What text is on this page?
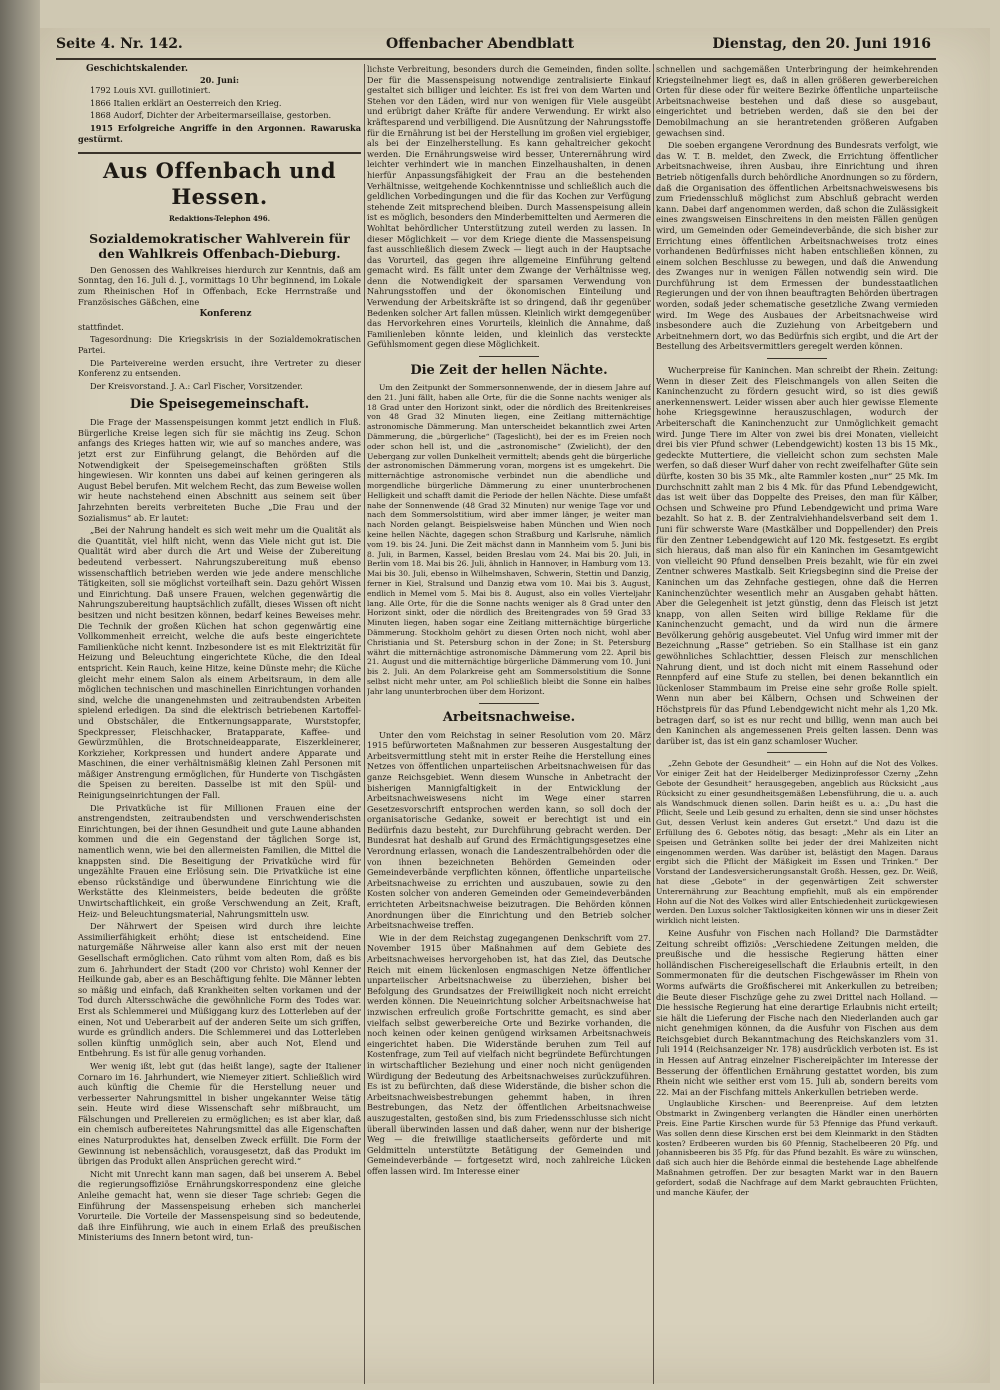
Seite 4. Nr. 142.	Offenbacher Abendblatt	Dienstag, den 20. Juni 1916
Geschichtskalender.
20. Juni:

1792 Louis XVI. guillotiniert.

1866 Italien erklärt an Oesterreich den Krieg.

1868 Audorf, Dichter der Arbeitermarseillaise, gestorben.

1915 Erfolgreiche Angriffe in den Argonnen. Rawaruska gestürmt.

Aus Offenbach und Hessen.
Redaktions-Telephon 496.
Sozialdemokratischer Wahlverein für den Wahlkreis Offenbach-Dieburg.

Den Genossen des Wahlkreises hierdurch zur Kenntnis, daß am Sonntag, den 16. Juli d. J., vormittags 10 Uhr beginnend, im Lokale zum Rheinischen Hof in Offenbach, Ecke Herrnstraße und Französisches Gäßchen, eine

Konferenz

stattfindet.

Tagesordnung: Die Kriegskrisis in der Sozialdemokratischen Partei.

Die Parteivereine werden ersucht, ihre Vertreter zu dieser Konferenz zu entsenden.

Der Kreisvorstand. J. A.: Carl Fischer, Vorsitzender.

Die Speisegemeinschaft.

Die Frage der Massenspeisungen kommt jetzt endlich in Fluß. Bürgerliche Kreise legen sich für sie mächtig ins Zeug. Schon anfangs des Krieges hatten wir, wie auf so manches andere, was jetzt erst zur Einführung gelangt, die Behörden auf die Notwendigkeit der Speisegemeinschaften größten Stils hingewiesen. Wir konnten uns dabei auf keinen geringeren als August Bebel berufen. Mit welchem Recht, das zum Beweise wollen wir heute nachstehend einen Abschnitt aus seinem seit über Jahrzehnten bereits verbreiteten Buche „Die Frau und der Sozialismus“ ab. Er lautet:

„Bei der Nahrung handelt es sich weit mehr um die Qualität als die Quantität, viel hilft nicht, wenn das Viele nicht gut ist. Die Qualität wird aber durch die Art und Weise der Zubereitung bedeutend verbessert. Nahrungszubereitung muß ebenso wissenschaftlich betrieben werden wie jede andere menschliche Tätigkeiten, soll sie möglichst vorteilhaft sein. Dazu gehört Wissen und Einrichtung. Daß unsere Frauen, welchen gegenwärtig die Nahrungszubereitung hauptsächlich zufällt, dieses Wissen oft nicht besitzen und nicht besitzen können, bedarf keines Beweises mehr. Die Technik der großen Küchen hat schon gegenwärtig eine Vollkommenheit erreicht, welche die aufs beste eingerichtete Familienküche nicht kennt. Inzbesondere ist es mit Elektrizität für Heizung und Beleuchtung eingerichtete Küche, die den Ideal entspricht. Kein Rauch, keine Hitze, keine Dünste mehr; die Küche gleicht mehr einem Salon als einem Arbeitsraum, in dem alle möglichen technischen und maschinellen Einrichtungen vorhanden sind, welche die unangenehmsten und zeitraubendsten Arbeiten spielend erledigen. Da sind die elektrisch betriebenen Kartoffel- und Obstschäler, die Entkernungsapparate, Wurststopfer, Speckpresser, Fleischhacker, Bratapparate, Kaffee- und Gewürzmühlen, die Brotschneideapparate, Eiszerkleinerer, Korkzieher, Korkpressen und hundert andere Apparate und Maschinen, die einer verhältnismäßig kleinen Zahl Personen mit mäßiger Anstrengung ermöglichen, für Hunderte von Tischgästen die Speisen zu bereiten. Dasselbe ist mit den Spül- und Reinigungseinrichtungen der Fall.

Die Privatküche ist für Millionen Frauen eine der anstrengendsten, zeitraubendsten und verschwenderischsten Einrichtungen, bei der ihnen Gesundheit und gute Laune abhanden kommen und die ein Gegenstand der täglichen Sorge ist, namentlich wenn, wie bei den allermeisten Familien, die Mittel die knappsten sind. Die Beseitigung der Privatküche wird für ungezählte Frauen eine Erlösung sein. Die Privatküche ist eine ebenso rückständige und überwundene Einrichtung wie die Werkstätte des Kleinmeisters, beide bedeuten die größte Unwirtschaftlichkeit, ein große Verschwendung an Zeit, Kraft, Heiz- und Beleuchtungsmaterial, Nahrungsmitteln usw.

Der Nährwert der Speisen wird durch ihre leichte Assimilierfähigkeit erhöht; diese ist entscheidend. Eine naturgemäße Nährweise aller kann also erst mit der neuen Gesellschaft ermöglichen. Cato rühmt vom alten Rom, daß es bis zum 6. Jahrhundert der Stadt (200 vor Christo) wohl Kenner der Heilkunde gab, aber es an Beschäftigung fehlte. Die Männer lebten so mäßig und einfach, daß Krankheiten selten vorkamen und der Tod durch Altersschwäche die gewöhnliche Form des Todes war. Erst als Schlemmerei und Müßiggang kurz des Lotterleben auf der einen, Not und Ueberarbeit auf der anderen Seite um sich griffen, wurde es gründlich anders. Die Schlemmerei und das Lotterleben sollen künftig unmöglich sein, aber auch Not, Elend und Entbehrung. Es ist für alle genug vorhanden.

Wer wenig ißt, lebt gut (das heißt lange), sagte der Italiener Cornaro im 16. Jahrhundert, wie Niemeyer zitiert. Schließlich wird auch künftig die Chemie für die Herstellung neuer und verbesserter Nahrungsmittel in bisher ungekannter Weise tätig sein. Heute wird diese Wissenschaft sehr mißbraucht, um Fälschungen und Prellereien zu ermöglichen; es ist aber klar, daß ein chemisch aufbereitetes Nahrungsmittel das alle Eigenschaften eines Naturproduktes hat, denselben Zweck erfüllt. Die Form der Gewinnung ist nebensächlich, vorausgesetzt, daß das Produkt im übrigen das Produkt allen Ansprüchen gerecht wird.“

Nicht mit Unrecht kann man sagen, daß bei unserem A. Bebel die regierungsoffiziöse Ernährungskorrespondenz eine gleiche Anleihe gemacht hat, wenn sie dieser Tage schrieb: Gegen die Einführung der Massenspeisung erheben sich mancherlei Vorurteile. Die Vorteile der Massenspeisung sind so bedeutende, daß ihre Einführung, wie auch in einem Erlaß des preußischen Ministeriums des Innern betont wird, tun-

lichste Verbreitung, besonders durch die Gemeinden, finden sollte. Der für die Massenspeisung notwendige zentralisierte Einkauf gestaltet sich billiger und leichter. Es ist frei von dem Warten und Stehen vor den Läden, wird nur von wenigen für Viele ausgeübt und erübrigt daher Kräfte für andere Verwendung. Er wirkt also kräftesparend und verbilligend. Die Ausnützung der Nahrungsstoffe für die Ernährung ist bei der Herstellung im großen viel ergiebiger, als bei der Einzelherstellung. Es kann gehaltreicher gekocht werden. Die Ernährungsweise wird besser, Unterernährung wird leichter verhindert wie in manchen Einzelhaushalten, in denen hierfür Anpassungsfähigkeit der Frau an die bestehenden Verhältnisse, weitgehende Kochkenntnisse und schließlich auch die geldlichen Vorbedingungen und die für das Kochen zur Verfügung stehende Zeit mitsprechend bleiben. Durch Massenspeisung allein ist es möglich, besonders den Minderbemittelten und Aermeren die Wohltat behördlicher Unterstützung zuteil werden zu lassen. In dieser Möglichkeit — vor dem Kriege diente die Massenspeisung fast ausschließlich diesem Zweck — liegt auch in der Hauptsache das Vorurteil, das gegen ihre allgemeine Einführung geltend gemacht wird. Es fällt unter dem Zwange der Verhältnisse weg, denn die Notwendigkeit der sparsamen Verwendung von Nahrungsstoffen und der ökonomischen Einteilung und Verwendung der Arbeitskräfte ist so dringend, daß ihr gegenüber Bedenken solcher Art fallen müssen. Kleinlich wirkt demgegenüber das Hervorkehren eines Vorurteils, kleinlich die Annahme, daß Familienleben könnte leiden, und kleinlich das versteckte Gefühlsmoment gegen diese Möglichkeit.

Die Zeit der hellen Nächte.

Um den Zeitpunkt der Sommersonnenwende, der in diesem Jahre auf den 21. Juni fällt, haben alle Orte, für die die Sonne nachts weniger als 18 Grad unter den Horizont sinkt, oder die nördlich des Breitenkreises von 48 Grad 32 Minuten liegen, eine Zeitlang mitternächtige astronomische Dämmerung. Man unterscheidet bekanntlich zwei Arten Dämmerung, die „bürgerliche“ (Tageslicht), bei der es im Freien noch oder schon hell ist, und die „astronomische“ (Zwielicht), der den Uebergang zur vollen Dunkelheit vermittelt; abends geht die bürgerliche der astronomischen Dämmerung voran, morgens ist es umgekehrt. Die mitternächtige astronomische verbindet nun die abendliche und morgendliche bürgerliche Dämmerung zu einer ununterbrochenen Helligkeit und schafft damit die Periode der hellen Nächte. Diese umfaßt nahe der Sonnenwende (48 Grad 32 Minuten) nur wenige Tage vor und nach dem Sommersolstitium, wird aber immer länger, je weiter man nach Norden gelangt. Beispielsweise haben München und Wien noch keine hellen Nächte, dagegen schon Straßburg und Karlsruhe, nämlich vom 19. bis 24. Juni. Die Zeit mächst dann in Mannheim vom 5. Juni bis 8. Juli, in Barmen, Kassel, beiden Breslau vom 24. Mai bis 20. Juli, in Berlin vom 18. Mai bis 26. Juli, ähnlich in Hannover, in Hamburg vom 13. Mai bis 30. Juli, ebenso in Wilhelmshaven, Schwerin, Stettin und Danzig, ferner in Kiel, Stralsund und Danzig etwa vom 10. Mai bis 3. August, endlich in Memel vom 5. Mai bis 8. August, also ein volles Vierteljahr lang. Alle Orte, für die die Sonne nachts weniger als 8 Grad unter den Horizont sinkt, oder die nördlich des Breitengrades von 59 Grad 33 Minuten liegen, haben sogar eine Zeitlang mitternächtige bürgerliche Dämmerung. Stockholm gehört zu diesen Orten noch nicht, wohl aber Christiania und St. Petersburg schon in der Zone; in St. Petersburg währt die mitternächtige astronomische Dämmerung vom 22. April bis 21. August und die mitternächtige bürgerliche Dämmerung vom 10. Juni bis 2. Juli. An dem Polarkreise geht am Sommersolstitium die Sonne selbst nicht mehr unter, am Pol schließlich bleibt die Sonne ein halbes Jahr lang ununterbrochen über dem Horizont.

Arbeitsnachweise.

Unter den vom Reichstag in seiner Resolution vom 20. März 1915 befürworteten Maßnahmen zur besseren Ausgestaltung der Arbeitsvermittlung steht mit in erster Reihe die Herstellung eines Netzes von öffentlichen unparteiischen Arbeitsnachweisen für das ganze Reichsgebiet. Wenn diesem Wunsche in Anbetracht der bisherigen Mannigfaltigkeit in der Entwicklung der Arbeitsnachweiswesens nicht im Wege einer starren Gesetzesvorschrift entsprochen werden kann, so soll doch der organisatorische Gedanke, soweit er berechtigt ist und ein Bedürfnis dazu besteht, zur Durchführung gebracht werden. Der Bundesrat hat deshalb auf Grund des Ermächtigungsgesetzes eine Verordnung erlassen, wonach die Landeszentralbehörden oder die von ihnen bezeichneten Behörden Gemeinden oder Gemeindeverbände verpflichten können, öffentliche unparteiische Arbeitsnachweise zu errichten und auszubauen, sowie zu den Kosten solcher von anderen Gemeinden oder Gemeindeverbänden errichteten Arbeitsnachweise beizutragen. Die Behörden können Anordnungen über die Einrichtung und den Betrieb solcher Arbeitsnachweise treffen.

Wie in der dem Reichstag zugegangenen Denkschrift vom 27. November 1915 über Maßnahmen auf dem Gebiete des Arbeitsnachweises hervorgehoben ist, hat das Ziel, das Deutsche Reich mit einem lückenlosen engmaschigen Netze öffentlicher unparteiischer Arbeitsnachweise zu überziehen, bisher bei Befolgung des Grundsatzes der Freiwilligkeit noch nicht erreicht werden können. Die Neueinrichtung solcher Arbeitsnachweise hat inzwischen erfreulich große Fortschritte gemacht, es sind aber vielfach selbst gewerbereiche Orte und Bezirke vorhanden, die noch keinen oder keinen genügend wirksamen Arbeitsnachweis eingerichtet haben. Die Widerstände beruhen zum Teil auf Kostenfrage, zum Teil auf vielfach nicht begründete Befürchtungen in wirtschaftlicher Beziehung und einer noch nicht genügenden Würdigung der Bedeutung des Arbeitsnachweises zurückzuführen. Es ist zu befürchten, daß diese Widerstände, die bisher schon die Arbeitsnachweisbestrebungen gehemmt haben, in ihren Bestrebungen, das Netz der öffentlichen Arbeitsnachweise auszugestalten, gestoßen sind, bis zum Friedensschlusse sich nicht überall überwinden lassen und daß daher, wenn nur der bisherige Weg — die freiwillige staatlicherseits geförderte und mit Geldmitteln unterstützte Betätigung der Gemeinden und Gemeindeverbände — fortgesetzt wird, noch zahlreiche Lücken offen lassen wird. Im Interesse einer

schnellen und sachgemäßen Unterbringung der heimkehrenden Kriegsteilnehmer liegt es, daß in allen größeren gewerbereichen Orten für diese oder für weitere Bezirke öffentliche unparteiische Arbeitsnachweise bestehen und daß diese so ausgebaut, eingerichtet und betrieben werden, daß sie den bei der Demobilmachung an sie herantretenden größeren Aufgaben gewachsen sind.

Die soeben ergangene Verordnung des Bundesrats verfolgt, wie das W. T. B. meldet, den Zweck, die Errichtung öffentlicher Arbeitsnachweise, ihren Ausbau, ihre Einrichtung und ihren Betrieb nötigenfalls durch behördliche Anordnungen so zu fördern, daß die Organisation des öffentlichen Arbeitsnachweiswesens bis zum Friedensschluß möglichst zum Abschluß gebracht werden kann. Dabei darf angenommen werden, daß schon die Zulässigkeit eines zwangsweisen Einschreitens in den meisten Fällen genügen wird, um Gemeinden oder Gemeindeverbände, die sich bisher zur Errichtung eines öffentlichen Arbeitsnachweises trotz eines vorhandenen Bedürfnisses nicht haben entschließen können, zu einem solchen Beschlusse zu bewegen, und daß die Anwendung des Zwanges nur in wenigen Fällen notwendig sein wird. Die Durchführung ist dem Ermessen der bundesstaatlichen Regierungen und der von ihnen beauftragten Behörden übertragen worden, sodaß jeder schematische gesetzliche Zwang vermieden wird. Im Wege des Ausbaues der Arbeitsnachweise wird insbesondere auch die Zuziehung von Arbeitgebern und Arbeitnehmern dort, wo das Bedürfnis sich ergibt, und die Art der Bestellung des Arbeitsvermittlers geregelt werden können.

Wucherpreise für Kaninchen. Man schreibt der Rhein. Zeitung: Wenn in dieser Zeit des Fleischmangels von allen Seiten die Kaninchenzucht zu fördern gesucht wird, so ist dies gewiß anerkennenswert. Leider wissen aber auch hier gewisse Elemente hohe Kriegsgewinne herauszuschlagen, wodurch der Arbeiterschaft die Kaninchenzucht zur Unmöglichkeit gemacht wird. Junge Tiere im Alter von zwei bis drei Monaten, vielleicht drei bis vier Pfund schwer (Lebendgewicht) kosten 13 bis 15 Mk., gedeckte Muttertiere, die vielleicht schon zum sechsten Male werfen, so daß dieser Wurf daher von recht zweifelhafter Güte sein dürfte, kosten 30 bis 35 Mk., alte Rammler kosten „nur“ 25 Mk. Im Durchschnitt zahlt man 2 bis 4 Mk. für das Pfund Lebendgewicht, das ist weit über das Doppelte des Preises, den man für Kälber, Ochsen und Schweine pro Pfund Lebendgewicht und prima Ware bezahlt. So hat z. B. der Zentralviehhandelsverband seit dem 1. Juni für schwerste Ware (Mastkälber und Doppellender) den Preis für den Zentner Lebendgewicht auf 120 Mk. festgesetzt. Es ergibt sich hieraus, daß man also für ein Kaninchen im Gesamtgewicht von vielleicht 90 Pfund denselben Preis bezahlt, wie für ein zwei Zentner schweres Mastkalb. Seit Kriegsbeginn sind die Preise der Kaninchen um das Zehnfache gestiegen, ohne daß die Herren Kaninchenzüchter wesentlich mehr an Ausgaben gehabt hätten. Aber die Gelegenheit ist jetzt günstig, denn das Fleisch ist jetzt knapp, von allen Seiten wird billige Reklame für die Kaninchenzucht gemacht, und da wird nun die ärmere Bevölkerung gehörig ausgebeutet. Viel Unfug wird immer mit der Bezeichnung „Rasse“ getrieben. So ein Stallhase ist ein ganz gewöhnliches Schlachttier, dessen Fleisch zur menschlichen Nahrung dient, und ist doch nicht mit einem Rassehund oder Rennpferd auf eine Stufe zu stellen, bei denen bekanntlich ein lückenloser Stammbaum im Preise eine sehr große Rolle spielt. Wenn nun aber bei Kälbern, Ochsen und Schweinen der Höchstpreis für das Pfund Lebendgewicht nicht mehr als 1,20 Mk. betragen darf, so ist es nur recht und billig, wenn man auch bei den Kaninchen als angemessenen Preis gelten lassen. Denn was darüber ist, das ist ein ganz schamloser Wucher.

„Zehn Gebote der Gesundheit“ — ein Hohn auf die Not des Volkes. Vor einiger Zeit hat der Heidelberger Medizinprofessor Czerny „Zehn Gebote der Gesundheit“ herausgegeben, angeblich aus Rücksicht „aus Rücksicht zu einer gesundheitsgemäßen Lebensführung, die u. a. auch als Wandschmuck dienen sollen. Darin heißt es u. a.: „Du hast die Pflicht, Seele und Leib gesund zu erhalten, denn sie sind unser höchstes Gut, dessen Verlust kein anderes Gut ersetzt.“ Und dazu ist die Erfüllung des 6. Gebotes nötig, das besagt: „Mehr als ein Liter an Speisen und Getränken sollte bei jeder der drei Mahlzeiten nicht eingenommen werden. Was darüber ist, belästigt den Magen. Daraus ergibt sich die Pflicht der Mäßigkeit im Essen und Trinken.“ Der Vorstand der Landesversicherungsanstalt Großh. Hessen, gez. Dr. Weiß, hat diese „Gebote“ in der gegenwärtigen Zeit schwerster Unterernährung zur Beachtung empfiehlt, muß als ein empörender Hohn auf die Not des Volkes wird aller Entschiedenheit zurückgewiesen werden. Den Luxus solcher Taktlosigkeiten können wir uns in dieser Zeit wirklich nicht leisten.

Keine Ausfuhr von Fischen nach Holland? Die Darmstädter Zeitung schreibt offiziös: „Verschiedene Zeitungen melden, die preußische und die hessische Regierung hätten einer holländischen Fischereigesellschaft die Erlaubnis erteilt, in den Sommermonaten für die deutschen Fischgewässer im Rhein von Worms aufwärts die Großfischerei mit Ankerkullen zu betreiben; die Beute dieser Fischzüge gehe zu zwei Drittel nach Holland. — Die hessische Regierung hat eine derartige Erlaubnis nicht erteilt; sie hält die Lieferung der Fische nach den Niederlanden auch gar nicht genehmigen können, da die Ausfuhr von Fischen aus dem Reichsgebiet durch Bekanntmachung des Reichskanzlers vom 31. Juli 1914 (Reichsanzeiger Nr. 178) ausdrücklich verboten ist. Es ist in Hessen auf Antrag einzelner Fischereipächter im Interesse der Besserung der öffentlichen Ernährung gestattet worden, bis zum Rhein nicht wie seither erst vom 15. Juli ab, sondern bereits vom 22. Mai an der Fischfang mittels Ankerkullen betrieben werde.

Unglaubliche Kirschen- und Beerenpreise. Auf dem letzten Obstmarkt in Zwingenberg verlangten die Händler einen unerhörten Preis. Eine Partie Kirschen wurde für 53 Pfennige das Pfund verkauft. Was sollen denn diese Kirschen erst bei dem Kleinmarkt in den Städten kosten? Erdbeeren wurden bis 60 Pfennig, Stachelbeeren 20 Pfg. und Johannisbeeren bis 35 Pfg. für das Pfund bezahlt. Es wäre zu wünschen, daß sich auch hier die Behörde einmal die bestehende Lage abhelfende Maßnahmen getroffen. Der zur besagten Markt war in den Bauern gefordert, sodaß die Nachfrage auf dem Markt gebrauchten Früchten, und manche Käufer, der
